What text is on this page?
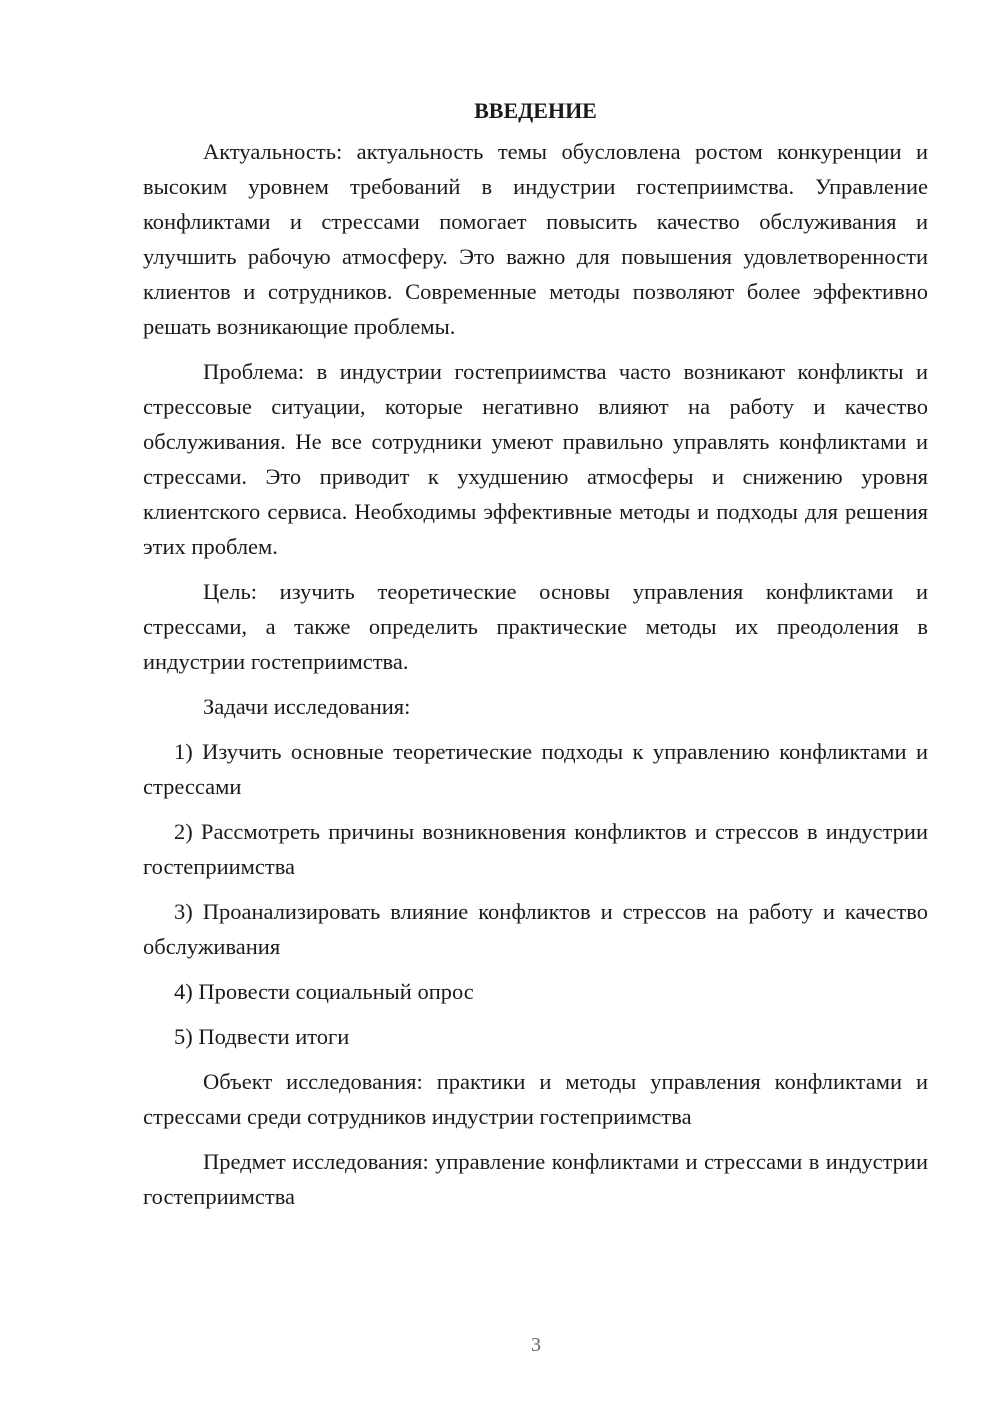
ВВЕДЕНИЕ

Актуальность: актуальность темы обусловлена ростом конкуренции и высоким уровнем требований в индустрии гостеприимства. Управление конфликтами и стрессами помогает повысить качество обслуживания и улучшить рабочую атмосферу. Это важно для повышения удовлетворенности клиентов и сотрудников. Современные методы позволяют более эффективно решать возникающие проблемы.

Проблема: в индустрии гостеприимства часто возникают конфликты и стрессовые ситуации, которые негативно влияют на работу и качество обслуживания. Не все сотрудники умеют правильно управлять конфликтами и стрессами. Это приводит к ухудшению атмосферы и снижению уровня клиентского сервиса. Необходимы эффективные методы и подходы для решения этих проблем.

Цель: изучить теоретические основы управления конфликтами и стрессами, а также определить практические методы их преодоления в индустрии гостеприимства.

Задачи исследования:

1) Изучить основные теоретические подходы к управлению конфликтами и стрессами

2) Рассмотреть причины возникновения конфликтов и стрессов в индустрии гостеприимства

3) Проанализировать влияние конфликтов и стрессов на работу и качество обслуживания

4) Провести социальный опрос

5) Подвести итоги

Объект исследования: практики и методы управления конфликтами и стрессами среди сотрудников индустрии гостеприимства

Предмет исследования: управление конфликтами и стрессами в индустрии гостеприимства

3
